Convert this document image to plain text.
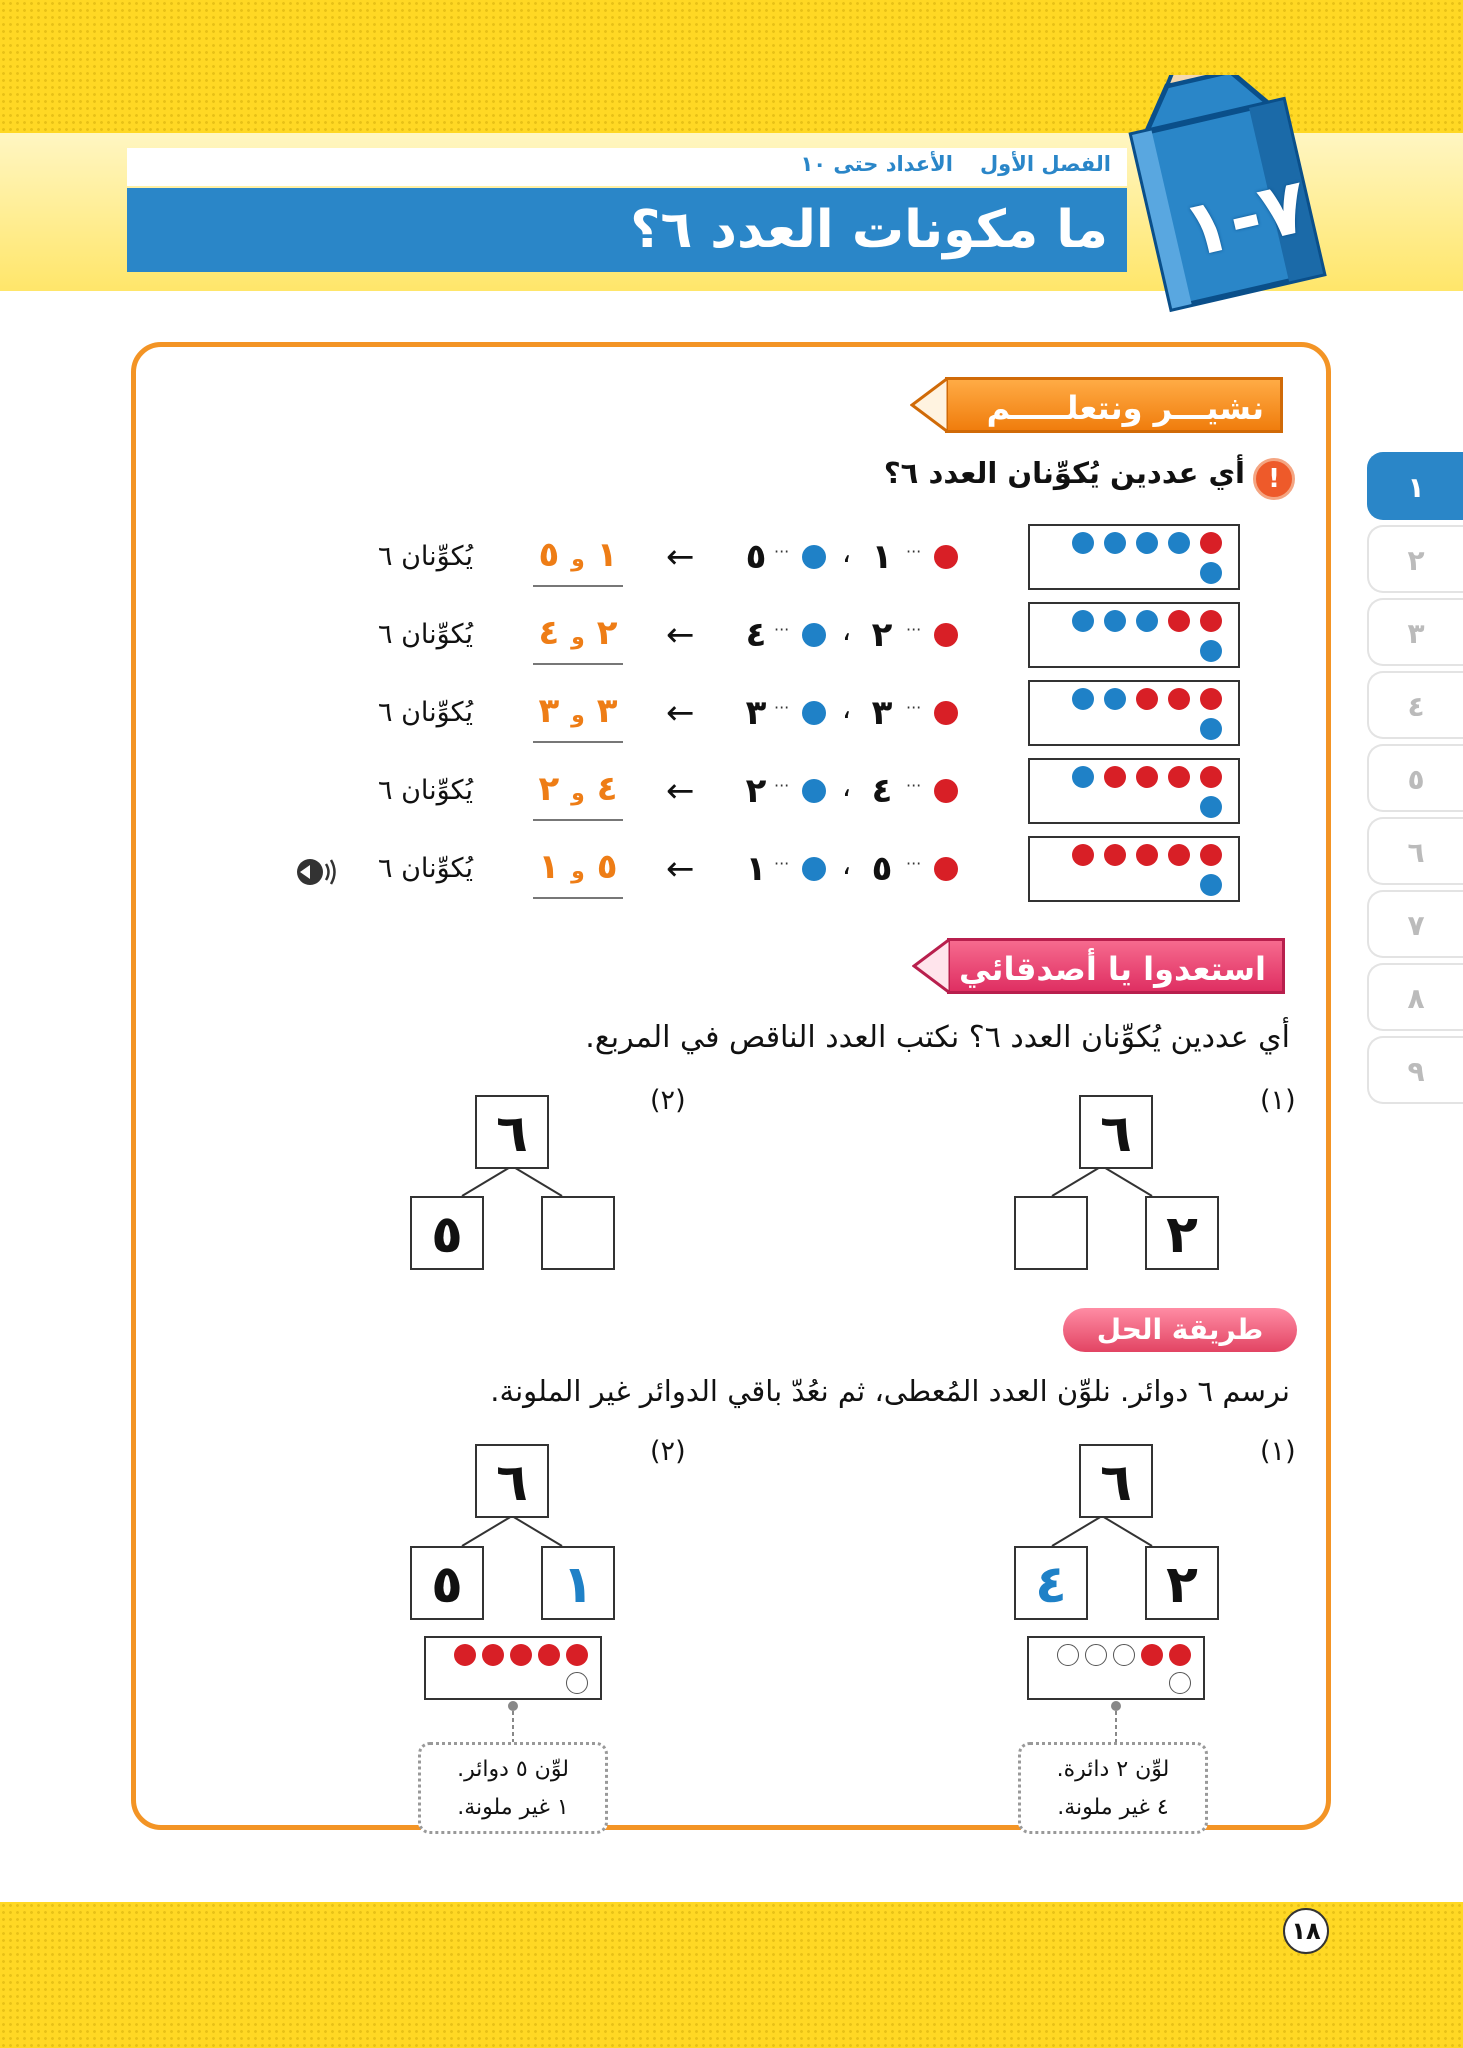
الفصل الأول
الأعداد حتى ١٠
ما مكونات العدد ٦؟ ٧-١
١
٢
٣
٤
٥
٦
٧
٨
٩
نشيـــر ونتعلـــــم
!
أي عددين يُكوِّنان العدد ٦؟
···
١
،
···
٥
←
١ و ٥
يُكوِّنان ٦
···
٢
،
···
٤
←
٢ و ٤
يُكوِّنان ٦
···
٣
،
···
٣
←
٣ و ٣
يُكوِّنان ٦
···
٤
،
···
٢
←
٤ و ٢
يُكوِّنان ٦
···
٥
،
···
١
←
٥ و ١
يُكوِّنان ٦
استعدوا يا أصدقائي
أي عددين يُكوِّنان العدد ٦؟ نكتب العدد الناقص في المربع.
(١)
٦
٢
(٢)
٦
٥
طريقة الحل
نرسم ٦ دوائر. نلوِّن العدد المُعطى، ثم نعُدّ باقي الدوائر غير الملونة.
(١)
٦
٢
٤
لوِّن ٢ دائرة.
٤ غير ملونة.
(٢)
٦
١
٥
لوِّن ٥ دوائر.
١ غير ملونة.
١٨
